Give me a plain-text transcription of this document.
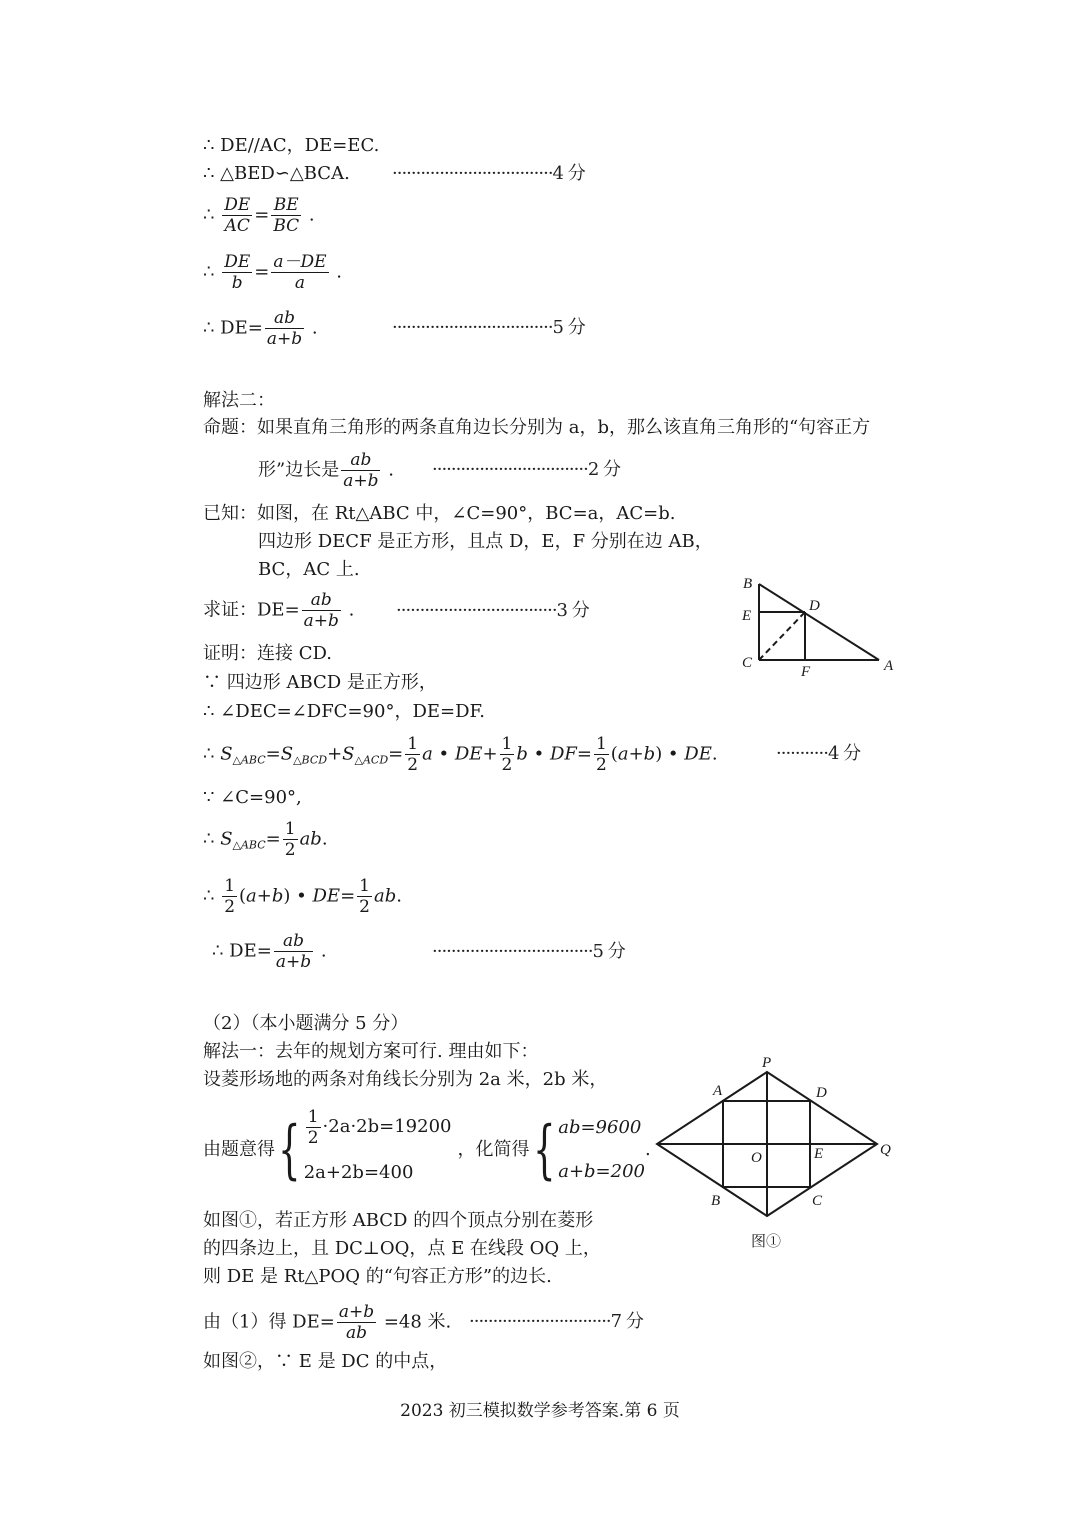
∴ DE//AC，DE=EC.
∴ △BED∽△BCA. ··································4 分
∴ $\frac{DE}{AC} = \frac{BE}{BC}$ .
∴ $\frac{DE}{b} = \frac{a-DE}{a}$ .
∴ $DE= \frac{ab}{a+b}$ .	··································5 分
解法二：
命题：如果直角三角形的两条直角边长分别为 a，b，那么该直角三角形的“句容正方
形”边长是 $\frac{ab}{a+b}$ . ·································2 分
已知：如图，在 Rt△ABC 中，∠C=90°，BC=a，AC=b.
四边形 DECF 是正方形，且点 D，E，F 分别在边 AB，
BC，AC 上.
求证：$DE= \frac{ab}{a+b}$ . ··································3 分
B
E
D
C
F	A
证明：连接 CD.
∵ 四边形 ABCD 是正方形，
∴ ∠DEC=∠DFC=90°，DE=DF.
∴ $S_{\triangle ABC}=S_{\triangle BCD}+S_{\triangle ACD}= \frac{1}{2}$ a • $DE+ \frac{1}{2}$ b • $DF= \frac{1}{2} (a+b)$ • DE.	···········4 分
∵ ∠C=90°,
∴ $S_{\triangle ABC}= \frac{1}{2}$ ab.
∴ $\frac{1}{2} (a+b)$ • $DE= \frac{1}{2}$ ab.
∴ $DE= \frac{ab}{a+b}$ .	··································5 分
（2）（本小题满分 5 分）
解法一：去年的规划方案可行. 理由如下：
设菱形场地的两条对角线长分别为 2a 米，2b 米，
由题意得{ $\frac{1}{2} \cdot 2a\cdot 2b=19200$
2a+2b=400
，化简得{ ab=9600
a+b=200
.
如图①，若正方形 ABCD 的四个顶点分别在菱形
的四条边上，且 DC⊥OQ，点 E 在线段 OQ 上，
则 DE 是 Rt△POQ 的“句容正方形”的边长.
由（1）得 $DE= \frac{a+b}{ab} =48$ 米. ······························7 分
如图②，∵ E 是 DC 的中点，
P
A	D
O	E	Q
B	C
图①
2023 初三模拟数学参考答案.第 6 页
